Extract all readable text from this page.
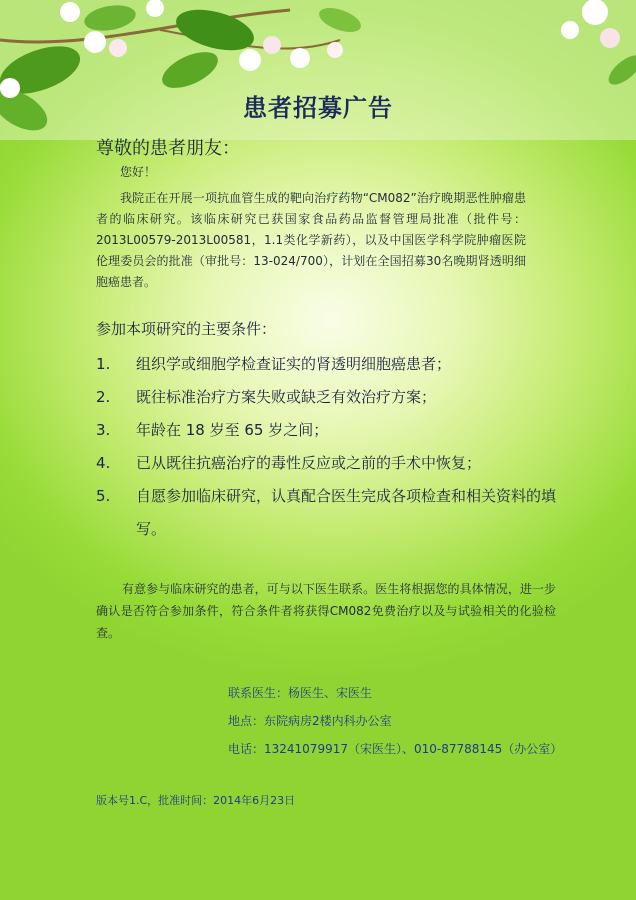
患者招募广告
尊敬的患者朋友：
您好！
我院正在开展一项抗血管生成的靶向治疗药物“CM082”治疗晚期恶性肿瘤患者的临床研究。该临床研究已获国家食品药品监督管理局批准（批件号：2013L00579-2013L00581，1.1类化学新药），以及中国医学科学院肿瘤医院伦理委员会的批准（审批号：13-024/700），计划在全国招募30名晚期肾透明细胞癌患者。
参加本项研究的主要条件：
1.	组织学或细胞学检查证实的肾透明细胞癌患者；
2.	既往标准治疗方案失败或缺乏有效治疗方案；
3.	年龄在 18 岁至 65 岁之间；
4.	已从既往抗癌治疗的毒性反应或之前的手术中恢复；
5.	自愿参加临床研究，认真配合医生完成各项检查和相关资料的填写。
有意参与临床研究的患者，可与以下医生联系。医生将根据您的具体情况，进一步确认是否符合参加条件，符合条件者将获得CM082免费治疗以及与试验相关的化验检查。
联系医生：杨医生、宋医生
地点：东院病房2楼内科办公室
电话：13241079917（宋医生）、010-87788145（办公室）
版本号1.C，批准时间：2014年6月23日
